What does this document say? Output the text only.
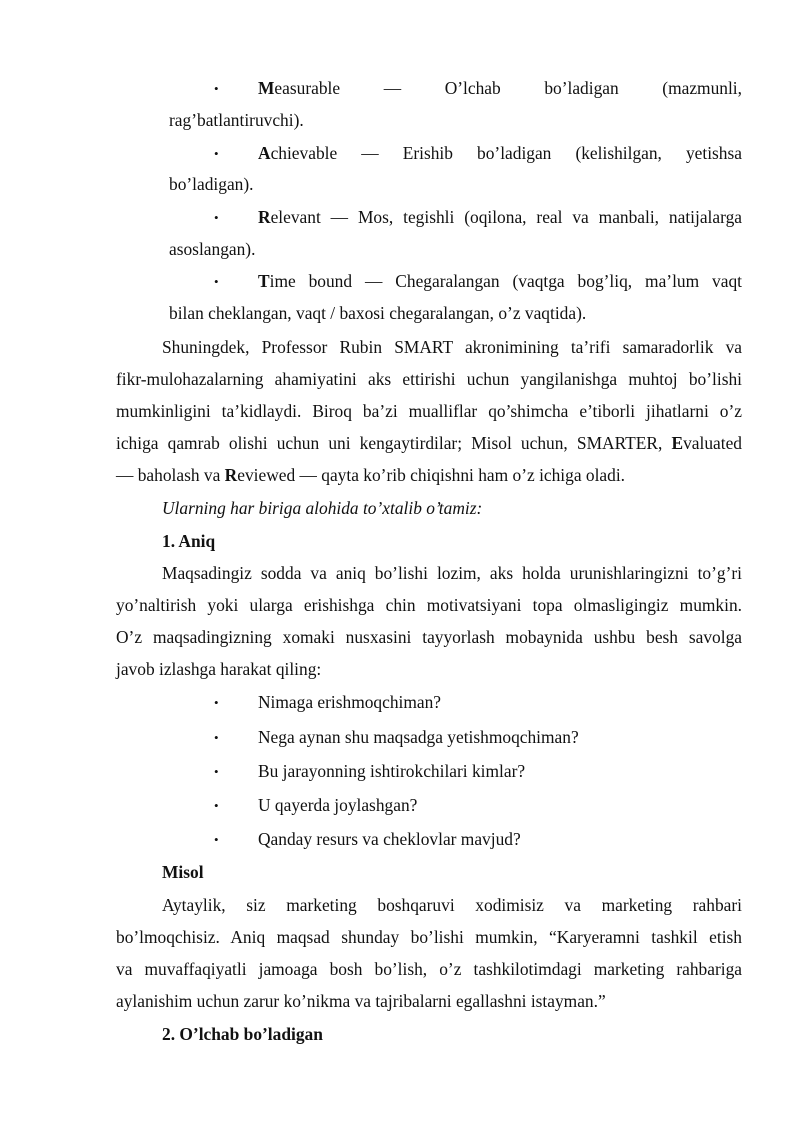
• Measurable — O’lchab bo’ladigan (mazmunli,
rag’batlantiruvchi).
• Achievable — Erishib bo’ladigan (kelishilgan, yetishsa
bo’ladigan).
• Relevant — Mos, tegishli (oqilona, real va manbali, natijalarga
asoslangan).
• Time bound — Chegaralangan (vaqtga bog’liq, ma’lum vaqt
bilan cheklangan, vaqt / baxosi chegaralangan, o’z vaqtida).
Shuningdek, Professor Rubin SMART akronimining ta’rifi samaradorlik va
fikr-mulohazalarning ahamiyatini aks ettirishi uchun yangilanishga muhtoj bo’lishi
mumkinligini ta’kidlaydi. Biroq ba’zi mualliflar qo’shimcha e’tiborli jihatlarni o’z
ichiga qamrab olishi uchun uni kengaytirdilar; Misol uchun, SMARTER, Evaluated
— baholash va Reviewed — qayta ko’rib chiqishni ham o’z ichiga oladi.
Ularning har biriga alohida to’xtalib o’tamiz:
1. Aniq
Maqsadingiz sodda va aniq bo’lishi lozim, aks holda urunishlaringizni to’g’ri
yo’naltirish yoki ularga erishishga chin motivatsiyani topa olmasligingiz mumkin.
O’z maqsadingizning xomaki nusxasini tayyorlash mobaynida ushbu besh savolga
javob izlashga harakat qiling:
• Nimaga erishmoqchiman?
• Nega aynan shu maqsadga yetishmoqchiman?
• Bu jarayonning ishtirokchilari kimlar?
• U qayerda joylashgan?
• Qanday resurs va cheklovlar mavjud?
Misol
Aytaylik, siz marketing boshqaruvi xodimisiz va marketing rahbari
bo’lmoqchisiz. Aniq maqsad shunday bo’lishi mumkin, “Karyeramni tashkil etish
va muvaffaqiyatli jamoaga bosh bo’lish, o’z tashkilotimdagi marketing rahbariga
aylanishim uchun zarur ko’nikma va tajribalarni egallashni istayman.”
2. O’lchab bo’ladigan
